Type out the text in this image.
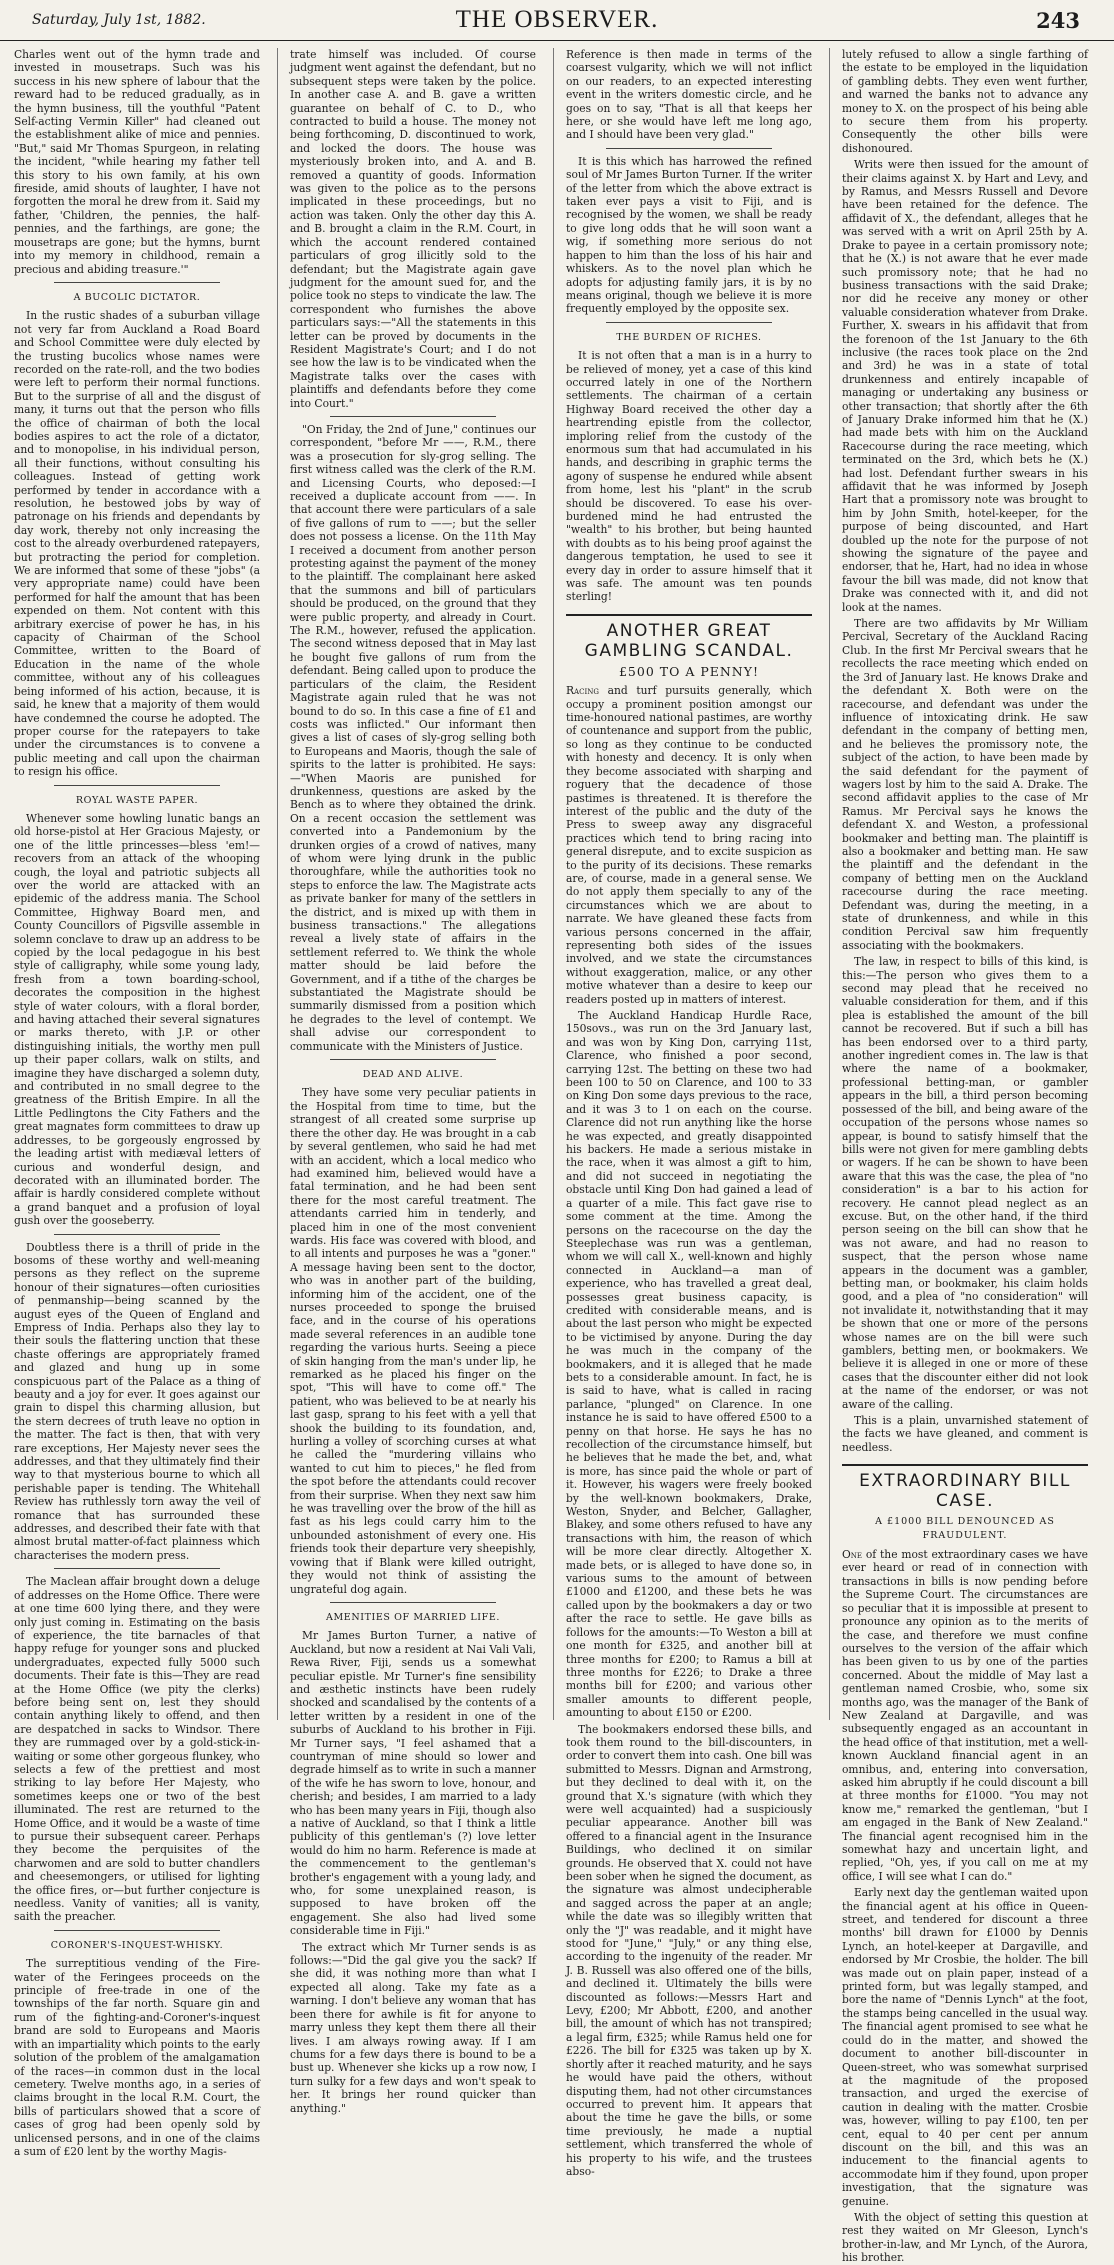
Saturday, July 1st, 1882.	THE OBSERVER.	243

Charles went out of the hymn trade and invested in mousetraps. Such was his success in his new sphere of labour that the reward had to be reduced gradually, as in the hymn business, till the youthful "Patent Self-acting Vermin Killer" had cleaned out the establishment alike of mice and pennies. "But," said Mr Thomas Spurgeon, in relating the incident, "while hearing my father tell this story to his own family, at his own fireside, amid shouts of laughter, I have not forgotten the moral he drew from it. Said my father, 'Children, the pennies, the half-pennies, and the farthings, are gone; the mousetraps are gone; but the hymns, burnt into my memory in childhood, remain a precious and abiding treasure.'"

A BUCOLIC DICTATOR.

In the rustic shades of a suburban village not very far from Auckland a Road Board and School Committee were duly elected by the trusting bucolics whose names were recorded on the rate-roll, and the two bodies were left to perform their normal functions. But to the surprise of all and the disgust of many, it turns out that the person who fills the office of chairman of both the local bodies aspires to act the role of a dictator, and to monopolise, in his individual person, all their functions, without consulting his colleagues. Instead of getting work performed by tender in accordance with a resolution, he bestowed jobs by way of patronage on his friends and dependants by day work, thereby not only increasing the cost to the already overburdened ratepayers, but protracting the period for completion. We are informed that some of these "jobs" (a very appropriate name) could have been performed for half the amount that has been expended on them. Not content with this arbitrary exercise of power he has, in his capacity of Chairman of the School Committee, written to the Board of Education in the name of the whole committee, without any of his colleagues being informed of his action, because, it is said, he knew that a majority of them would have condemned the course he adopted. The proper course for the ratepayers to take under the circumstances is to convene a public meeting and call upon the chairman to resign his office.

ROYAL WASTE PAPER.

Whenever some howling lunatic bangs an old horse-pistol at Her Gracious Majesty, or one of the little princesses—bless 'em!—recovers from an attack of the whooping cough, the loyal and patriotic subjects all over the world are attacked with an epidemic of the address mania. The School Committee, Highway Board men, and County Councillors of Pigsville assemble in solemn conclave to draw up an address to be copied by the local pedagogue in his best style of calligraphy, while some young lady, fresh from a town boarding-school, decorates the composition in the highest style of water colours, with a floral border, and having attached their several signatures or marks thereto, with J.P. or other distinguishing initials, the worthy men pull up their paper collars, walk on stilts, and imagine they have discharged a solemn duty, and contributed in no small degree to the greatness of the British Empire. In all the Little Pedlingtons the City Fathers and the great magnates form committees to draw up addresses, to be gorgeously engrossed by the leading artist with mediæval letters of curious and wonderful design, and decorated with an illuminated border. The affair is hardly considered complete without a grand banquet and a profusion of loyal gush over the gooseberry.

Doubtless there is a thrill of pride in the bosoms of these worthy and well-meaning persons as they reflect on the supreme honour of their signatures—often curiosities of penmanship—being scanned by the august eyes of the Queen of England and Empress of India. Perhaps also they lay to their souls the flattering unction that these chaste offerings are appropriately framed and glazed and hung up in some conspicuous part of the Palace as a thing of beauty and a joy for ever. It goes against our grain to dispel this charming allusion, but the stern decrees of truth leave no option in the matter. The fact is then, that with very rare exceptions, Her Majesty never sees the addresses, and that they ultimately find their way to that mysterious bourne to which all perishable paper is tending. The Whitehall Review has ruthlessly torn away the veil of romance that has surrounded these addresses, and described their fate with that almost brutal matter-of-fact plainness which characterises the modern press.

The Maclean affair brought down a deluge of addresses on the Home Office. There were at one time 600 lying there, and they were only just coming in. Estimating on the basis of experience, the tite barnacles of that happy refuge for younger sons and plucked undergraduates, expected fully 5000 such documents. Their fate is this—They are read at the Home Office (we pity the clerks) before being sent on, lest they should contain anything likely to offend, and then are despatched in sacks to Windsor. There they are rummaged over by a gold-stick-in-waiting or some other gorgeous flunkey, who selects a few of the prettiest and most striking to lay before Her Majesty, who sometimes keeps one or two of the best illuminated. The rest are returned to the Home Office, and it would be a waste of time to pursue their subsequent career. Perhaps they become the perquisites of the charwomen and are sold to butter chandlers and cheesemongers, or utilised for lighting the office fires, or—but further conjecture is needless. Vanity of vanities; all is vanity, saith the preacher.

CORONER'S-INQUEST-WHISKY.

The surreptitious vending of the Fire-water of the Feringees proceeds on the principle of free-trade in one of the townships of the far north. Square gin and rum of the fighting-and-Coroner's-inquest brand are sold to Europeans and Maoris with an impartiality which points to the early solution of the problem of the amalgamation of the races—in common dust in the local cemetery. Twelve months ago, in a series of claims brought in the local R.M. Court, the bills of particulars showed that a score of cases of grog had been openly sold by unlicensed persons, and in one of the claims a sum of £20 lent by the worthy Magis-

trate himself was included. Of course judgment went against the defendant, but no subsequent steps were taken by the police. In another case A. and B. gave a written guarantee on behalf of C. to D., who contracted to build a house. The money not being forthcoming, D. discontinued to work, and locked the doors. The house was mysteriously broken into, and A. and B. removed a quantity of goods. Information was given to the police as to the persons implicated in these proceedings, but no action was taken. Only the other day this A. and B. brought a claim in the R.M. Court, in which the account rendered contained particulars of grog illicitly sold to the defendant; but the Magistrate again gave judgment for the amount sued for, and the police took no steps to vindicate the law. The correspondent who furnishes the above particulars says:—"All the statements in this letter can be proved by documents in the Resident Magistrate's Court; and I do not see how the law is to be vindicated when the Magistrate talks over the cases with plaintiffs and defendants before they come into Court."

"On Friday, the 2nd of June," continues our correspondent, "before Mr ——, R.M., there was a prosecution for sly-grog selling. The first witness called was the clerk of the R.M. and Licensing Courts, who deposed:—I received a duplicate account from ——. In that account there were particulars of a sale of five gallons of rum to ——; but the seller does not possess a license. On the 11th May I received a document from another person protesting against the payment of the money to the plaintiff. The complainant here asked that the summons and bill of particulars should be produced, on the ground that they were public property, and already in Court. The R.M., however, refused the application. The second witness deposed that in May last he bought five gallons of rum from the defendant. Being called upon to produce the particulars of the claim, the Resident Magistrate again ruled that he was not bound to do so. In this case a fine of £1 and costs was inflicted." Our informant then gives a list of cases of sly-grog selling both to Europeans and Maoris, though the sale of spirits to the latter is prohibited. He says:—"When Maoris are punished for drunkenness, questions are asked by the Bench as to where they obtained the drink. On a recent occasion the settlement was converted into a Pandemonium by the drunken orgies of a crowd of natives, many of whom were lying drunk in the public thoroughfare, while the authorities took no steps to enforce the law. The Magistrate acts as private banker for many of the settlers in the district, and is mixed up with them in business transactions." The allegations reveal a lively state of affairs in the settlement referred to. We think the whole matter should be laid before the Government, and if a tithe of the charges be substantiated the Magistrate should be summarily dismissed from a position which he degrades to the level of contempt. We shall advise our correspondent to communicate with the Ministers of Justice.

DEAD AND ALIVE.

They have some very peculiar patients in the Hospital from time to time, but the strangest of all created some surprise up there the other day. He was brought in a cab by several gentlemen, who said he had met with an accident, which a local medico who had examined him, believed would have a fatal termination, and he had been sent there for the most careful treatment. The attendants carried him in tenderly, and placed him in one of the most convenient wards. His face was covered with blood, and to all intents and purposes he was a "goner." A message having been sent to the doctor, who was in another part of the building, informing him of the accident, one of the nurses proceeded to sponge the bruised face, and in the course of his operations made several references in an audible tone regarding the various hurts. Seeing a piece of skin hanging from the man's under lip, he remarked as he placed his finger on the spot, "This will have to come off." The patient, who was believed to be at nearly his last gasp, sprang to his feet with a yell that shook the building to its foundation, and, hurling a volley of scorching curses at what he called the "murdering villains who wanted to cut him to pieces," he fled from the spot before the attendants could recover from their surprise. When they next saw him he was travelling over the brow of the hill as fast as his legs could carry him to the unbounded astonishment of every one. His friends took their departure very sheepishly, vowing that if Blank were killed outright, they would not think of assisting the ungrateful dog again.

AMENITIES OF MARRIED LIFE.

Mr James Burton Turner, a native of Auckland, but now a resident at Nai Vali Vali, Rewa River, Fiji, sends us a somewhat peculiar epistle. Mr Turner's fine sensibility and æsthetic instincts have been rudely shocked and scandalised by the contents of a letter written by a resident in one of the suburbs of Auckland to his brother in Fiji. Mr Turner says, "I feel ashamed that a countryman of mine should so lower and degrade himself as to write in such a manner of the wife he has sworn to love, honour, and cherish; and besides, I am married to a lady who has been many years in Fiji, though also a native of Auckland, so that I think a little publicity of this gentleman's (?) love letter would do him no harm. Reference is made at the commencement to the gentleman's brother's engagement with a young lady, and who, for some unexplained reason, is supposed to have broken off the engagement. She also had lived some considerable time in Fiji."

The extract which Mr Turner sends is as follows:—"Did the gal give you the sack? If she did, it was nothing more than what I expected all along. Take my fate as a warning. I don't believe any woman that has been there for awhile is fit for anyone to marry unless they kept them there all their lives. I am always rowing away. If I am chums for a few days there is bound to be a bust up. Whenever she kicks up a row now, I turn sulky for a few days and won't speak to her. It brings her round quicker than anything."

Reference is then made in terms of the coarsest vulgarity, which we will not inflict on our readers, to an expected interesting event in the writers domestic circle, and he goes on to say, "That is all that keeps her here, or she would have left me long ago, and I should have been very glad."

It is this which has harrowed the refined soul of Mr James Burton Turner. If the writer of the letter from which the above extract is taken ever pays a visit to Fiji, and is recognised by the women, we shall be ready to give long odds that he will soon want a wig, if something more serious do not happen to him than the loss of his hair and whiskers. As to the novel plan which he adopts for adjusting family jars, it is by no means original, though we believe it is more frequently employed by the opposite sex.

THE BURDEN OF RICHES.

It is not often that a man is in a hurry to be relieved of money, yet a case of this kind occurred lately in one of the Northern settlements. The chairman of a certain Highway Board received the other day a heartrending epistle from the collector, imploring relief from the custody of the enormous sum that had accumulated in his hands, and describing in graphic terms the agony of suspense he endured while absent from home, lest his "plant" in the scrub should be discovered. To ease his over-burdened mind he had entrusted the "wealth" to his brother, but being haunted with doubts as to his being proof against the dangerous temptation, he used to see it every day in order to assure himself that it was safe. The amount was ten pounds sterling!

ANOTHER GREAT GAMBLING SCANDAL.
£500 TO A PENNY!

Racing and turf pursuits generally, which occupy a prominent position amongst our time-honoured national pastimes, are worthy of countenance and support from the public, so long as they continue to be conducted with honesty and decency. It is only when they become associated with sharping and roguery that the decadence of those pastimes is threatened. It is therefore the interest of the public and the duty of the Press to sweep away any disgraceful practices which tend to bring racing into general disrepute, and to excite suspicion as to the purity of its decisions. These remarks are, of course, made in a general sense. We do not apply them specially to any of the circumstances which we are about to narrate. We have gleaned these facts from various persons concerned in the affair, representing both sides of the issues involved, and we state the circumstances without exaggeration, malice, or any other motive whatever than a desire to keep our readers posted up in matters of interest.

The Auckland Handicap Hurdle Race, 150sovs., was run on the 3rd January last, and was won by King Don, carrying 11st, Clarence, who finished a poor second, carrying 12st. The betting on these two had been 100 to 50 on Clarence, and 100 to 33 on King Don some days previous to the race, and it was 3 to 1 on each on the course. Clarence did not run anything like the horse he was expected, and greatly disappointed his backers. He made a serious mistake in the race, when it was almost a gift to him, and did not succeed in negotiating the obstacle until King Don had gained a lead of a quarter of a mile. This fact gave rise to some comment at the time. Among the persons on the racecourse on the day the Steeplechase was run was a gentleman, whom we will call X., well-known and highly connected in Auckland—a man of experience, who has travelled a great deal, possesses great business capacity, is credited with considerable means, and is about the last person who might be expected to be victimised by anyone. During the day he was much in the company of the bookmakers, and it is alleged that he made bets to a considerable amount. In fact, he is is said to have, what is called in racing parlance, "plunged" on Clarence. In one instance he is said to have offered £500 to a penny on that horse. He says he has no recollection of the circumstance himself, but he believes that he made the bet, and, what is more, has since paid the whole or part of it. However, his wagers were freely booked by the well-known bookmakers, Drake, Weston, Snyder, and Belcher, Gallagher, Blakey, and some others refused to have any transactions with him, the reason of which will be more clear directly. Altogether X. made bets, or is alleged to have done so, in various sums to the amount of between £1000 and £1200, and these bets he was called upon by the bookmakers a day or two after the race to settle. He gave bills as follows for the amounts:—To Weston a bill at one month for £325, and another bill at three months for £200; to Ramus a bill at three months for £226; to Drake a three months bill for £200; and various other smaller amounts to different people, amounting to about £150 or £200.

The bookmakers endorsed these bills, and took them round to the bill-discounters, in order to convert them into cash. One bill was submitted to Messrs. Dignan and Armstrong, but they declined to deal with it, on the ground that X.'s signature (with which they were well acquainted) had a suspiciously peculiar appearance. Another bill was offered to a financial agent in the Insurance Buildings, who declined it on similar grounds. He observed that X. could not have been sober when he signed the document, as the signature was almost undecipherable and sagged across the paper at an angle; while the date was so illegibly written that only the "J" was readable, and it might have stood for "June," "July," or any thing else, according to the ingenuity of the reader. Mr J. B. Russell was also offered one of the bills, and declined it. Ultimately the bills were discounted as follows:—Messrs Hart and Levy, £200; Mr Abbott, £200, and another bill, the amount of which has not transpired; a legal firm, £325; while Ramus held one for £226. The bill for £325 was taken up by X. shortly after it reached maturity, and he says he would have paid the others, without disputing them, had not other circumstances occurred to prevent him. It appears that about the time he gave the bills, or some time previously, he made a nuptial settlement, which transferred the whole of his property to his wife, and the trustees abso-

lutely refused to allow a single farthing of the estate to be employed in the liquidation of gambling debts. They even went further, and warned the banks not to advance any money to X. on the prospect of his being able to secure them from his property. Consequently the other bills were dishonoured.

Writs were then issued for the amount of their claims against X. by Hart and Levy, and by Ramus, and Messrs Russell and Devore have been retained for the defence. The affidavit of X., the defendant, alleges that he was served with a writ on April 25th by A. Drake to payee in a certain promissory note; that he (X.) is not aware that he ever made such promissory note; that he had no business transactions with the said Drake; nor did he receive any money or other valuable consideration whatever from Drake. Further, X. swears in his affidavit that from the forenoon of the 1st January to the 6th inclusive (the races took place on the 2nd and 3rd) he was in a state of total drunkenness and entirely incapable of managing or undertaking any business or other transaction; that shortly after the 6th of January Drake informed him that he (X.) had made bets with him on the Auckland Racecourse during the race meeting, which terminated on the 3rd, which bets he (X.) had lost. Defendant further swears in his affidavit that he was informed by Joseph Hart that a promissory note was brought to him by John Smith, hotel-keeper, for the purpose of being discounted, and Hart doubled up the note for the purpose of not showing the signature of the payee and endorser, that he, Hart, had no idea in whose favour the bill was made, did not know that Drake was connected with it, and did not look at the names.

There are two affidavits by Mr William Percival, Secretary of the Auckland Racing Club. In the first Mr Percival swears that he recollects the race meeting which ended on the 3rd of January last. He knows Drake and the defendant X. Both were on the racecourse, and defendant was under the influence of intoxicating drink. He saw defendant in the company of betting men, and he believes the promissory note, the subject of the action, to have been made by the said defendant for the payment of wagers lost by him to the said A. Drake. The second affidavit applies to the case of Mr Ramus. Mr Percival says he knows the defendant X. and Weston, a professional bookmaker and betting man. The plaintiff is also a bookmaker and betting man. He saw the plaintiff and the defendant in the company of betting men on the Auckland racecourse during the race meeting. Defendant was, during the meeting, in a state of drunkenness, and while in this condition Percival saw him frequently associating with the bookmakers.

The law, in respect to bills of this kind, is this:—The person who gives them to a second may plead that he received no valuable consideration for them, and if this plea is established the amount of the bill cannot be recovered. But if such a bill has has been endorsed over to a third party, another ingredient comes in. The law is that where the name of a bookmaker, professional betting-man, or gambler appears in the bill, a third person becoming possessed of the bill, and being aware of the occupation of the persons whose names so appear, is bound to satisfy himself that the bills were not given for mere gambling debts or wagers. If he can be shown to have been aware that this was the case, the plea of "no consideration" is a bar to his action for recovery. He cannot plead neglect as an excuse. But, on the other hand, if the third person seeing on the bill can show that he was not aware, and had no reason to suspect, that the person whose name appears in the document was a gambler, betting man, or bookmaker, his claim holds good, and a plea of "no consideration" will not invalidate it, notwithstanding that it may be shown that one or more of the persons whose names are on the bill were such gamblers, betting men, or bookmakers. We believe it is alleged in one or more of these cases that the discounter either did not look at the name of the endorser, or was not aware of the calling.

This is a plain, unvarnished statement of the facts we have gleaned, and comment is needless.

EXTRAORDINARY BILL CASE.
A £1000 BILL DENOUNCED AS FRAUDULENT.

One of the most extraordinary cases we have ever heard or read of in connection with transactions in bills is now pending before the Supreme Court. The circumstances are so peculiar that it is impossible at present to pronounce any opinion as to the merits of the case, and therefore we must confine ourselves to the version of the affair which has been given to us by one of the parties concerned. About the middle of May last a gentleman named Crosbie, who, some six months ago, was the manager of the Bank of New Zealand at Dargaville, and was subsequently engaged as an accountant in the head office of that institution, met a well-known Auckland financial agent in an omnibus, and, entering into conversation, asked him abruptly if he could discount a bill at three months for £1000. "You may not know me," remarked the gentleman, "but I am engaged in the Bank of New Zealand." The financial agent recognised him in the somewhat hazy and uncertain light, and replied, "Oh, yes, if you call on me at my office, I will see what I can do."

Early next day the gentleman waited upon the financial agent at his office in Queen-street, and tendered for discount a three months' bill drawn for £1000 by Dennis Lynch, an hotel-keeper at Dargaville, and endorsed by Mr Crosbie, the holder. The bill was made out on plain paper, instead of a printed form, but was legally stamped, and bore the name of "Dennis Lynch" at the foot, the stamps being cancelled in the usual way. The financial agent promised to see what he could do in the matter, and showed the document to another bill-discounter in Queen-street, who was somewhat surprised at the magnitude of the proposed transaction, and urged the exercise of caution in dealing with the matter. Crosbie was, however, willing to pay £100, ten per cent, equal to 40 per cent per annum discount on the bill, and this was an inducement to the financial agents to accommodate him if they found, upon proper investigation, that the signature was genuine.

With the object of setting this question at rest they waited on Mr Gleeson, Lynch's brother-in-law, and Mr Lynch, of the Aurora, his brother.
